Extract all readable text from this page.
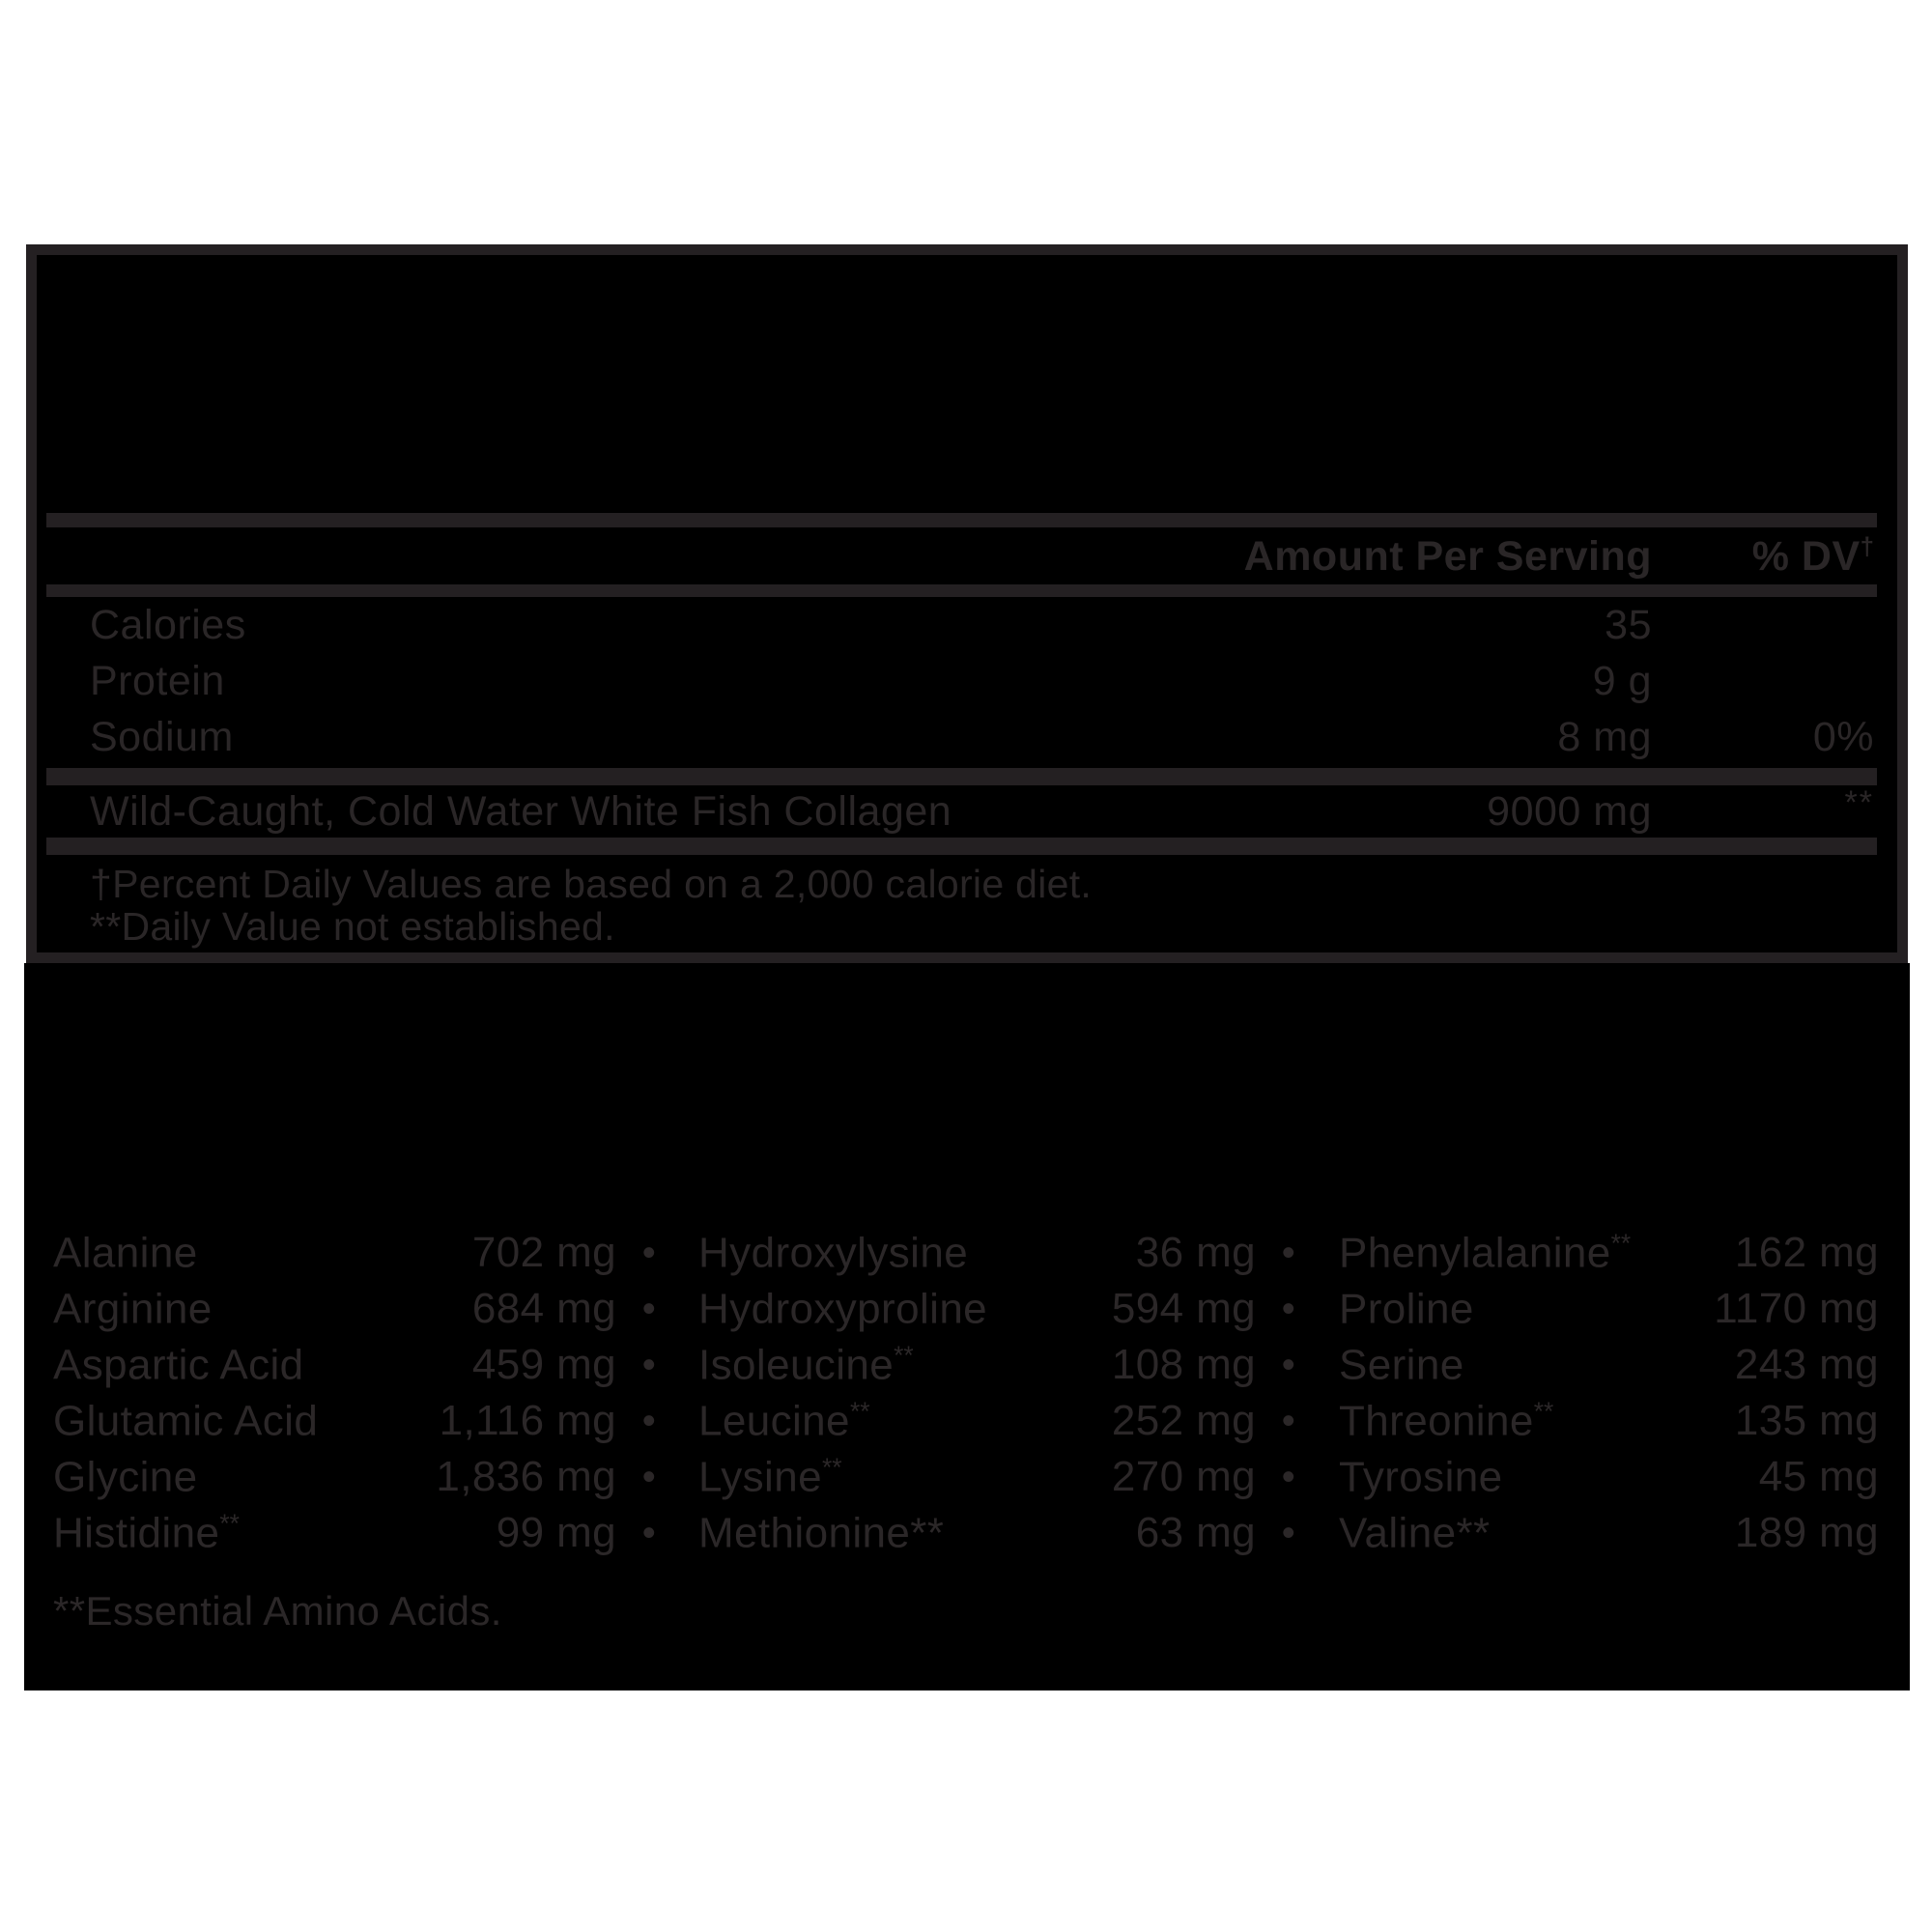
Amount Per Serving	% DV†
Calories	35
Protein	9 g
Sodium	8 mg	0%
Wild-Caught, Cold Water White Fish Collagen	9000 mg	**
†Percent Daily Values are based on a 2,000 calorie diet.
**Daily Value not established.
Alanine	702 mg • Hydroxylysine	36 mg •	Phenylalanine** 162 mg
Arginine	684 mg • Hydroxyproline	594 mg •	Proline	1170 mg
Aspartic Acid	459 mg • Isoleucine**	108 mg •	Serine	243 mg
Glutamic Acid	1,116 mg • Leucine**	252 mg •	Threonine**	135 mg
Glycine	1,836 mg • Lysine**	270 mg •	Tyrosine	45 mg
Histidine**	99 mg • Methionine**	63 mg •	Valine**	189 mg
**Essential Amino Acids.
